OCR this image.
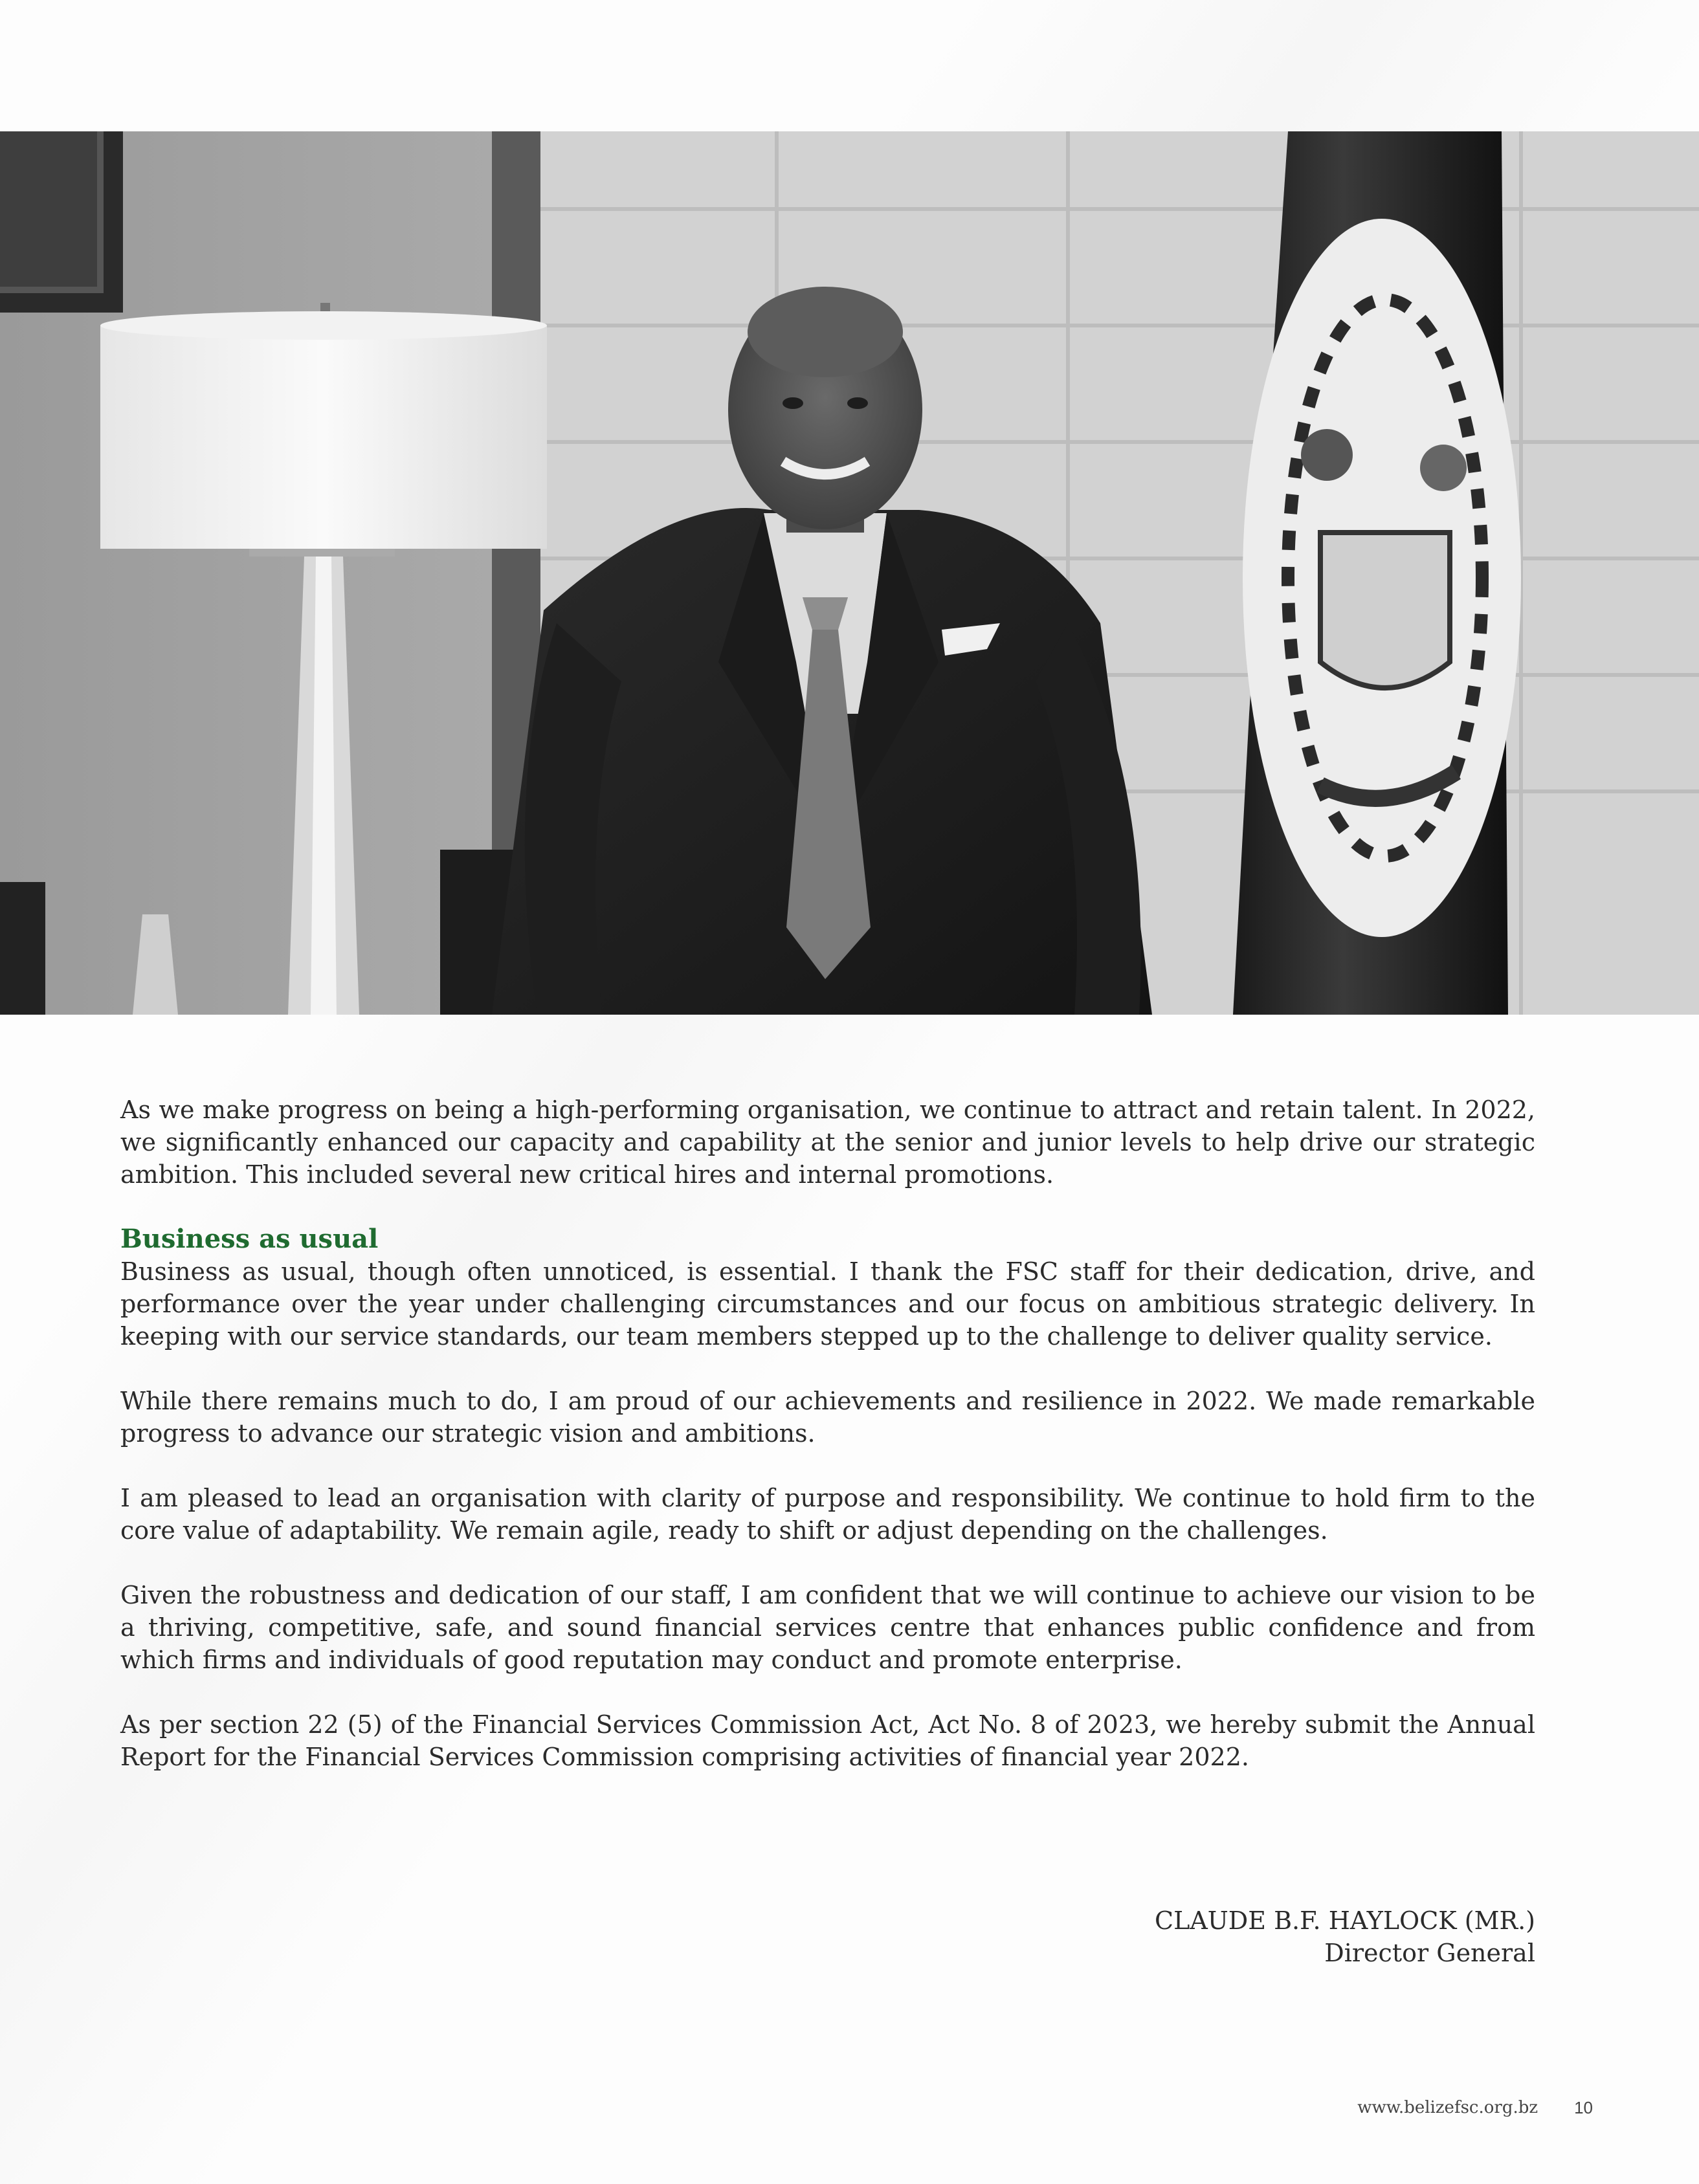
As we make progress on being a high-performing organisation, we continue to attract and retain talent. In 2022, we significantly enhanced our capacity and capability at the senior and junior levels to help drive our strategic ambition. This included several new critical hires and internal promotions.

Business as usual

Business as usual, though often unnoticed, is essential. I thank the FSC staff for their dedication, drive, and performance over the year under challenging circumstances and our focus on ambitious strategic delivery. In keeping with our service standards, our team members stepped up to the challenge to deliver quality service.

While there remains much to do, I am proud of our achievements and resilience in 2022. We made remarkable progress to advance our strategic vision and ambitions.

I am pleased to lead an organisation with clarity of purpose and responsibility. We continue to hold firm to the core value of adaptability. We remain agile, ready to shift or adjust depending on the challenges.

Given the robustness and dedication of our staff, I am confident that we will continue to achieve our vision to be a thriving, competitive, safe, and sound financial services centre that enhances public confidence and from which firms and individuals of good reputation may conduct and promote enterprise.

As per section 22 (5) of the Financial Services Commission Act, Act No. 8 of 2023, we hereby submit the Annual Report for the Financial Services Commission comprising activities of financial year 2022.

CLAUDE B.F. HAYLOCK (MR.)
Director General
www.belizefsc.org.bz 10
